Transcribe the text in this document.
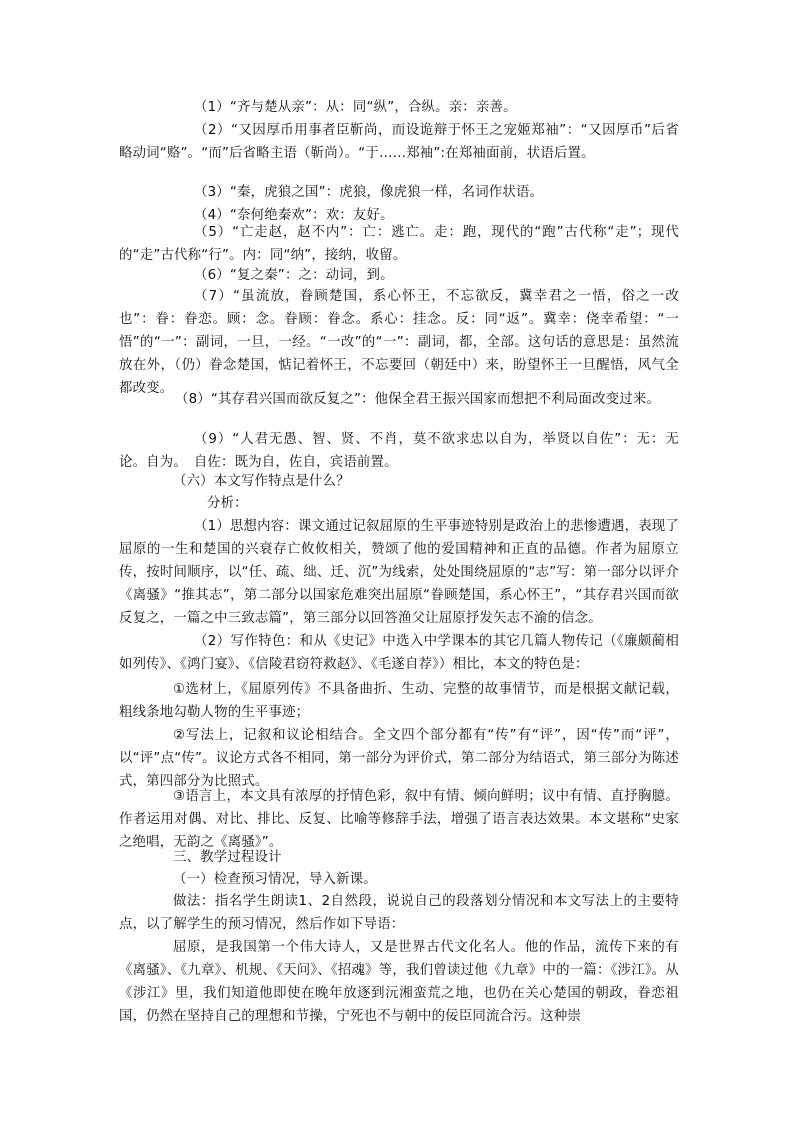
（1）“齐与楚从亲”：从：同“纵”，合纵。亲：亲善。

（2）“又因厚币用事者臣靳尚，而设诡辩于怀王之宠姬郑袖”：“又因厚币”后省略动词“赂”。“而”后省略主语（靳尚）。“于……郑袖”:在郑袖面前，状语后置。

（3）“秦，虎狼之国”：虎狼，像虎狼一样，名词作状语。

（4）“奈何绝秦欢”：欢：友好。

（5）“亡走赵，赵不内”：亡：逃亡。走：跑，现代的“跑”古代称“走”；现代的“走”古代称“行”。内：同“纳”，接纳，收留。

（6）“复之秦”：之：动词，到。

（7）“虽流放，眷顾楚国，系心怀王，不忘欲反，冀幸君之一悟，俗之一改也”：眷：眷恋。顾：念。眷顾：眷念。系心：挂念。反：同“返”。冀幸：侥幸希望：“一悟”的“一”：副词，一旦，一经。“一改”的“一”：副词，都，全部。这句话的意思是：虽然流放在外，（仍）眷念楚国，惦记着怀王，不忘要回（朝廷中）来，盼望怀王一旦醒悟，风气全都改变。

（8）“其存君兴国而欲反复之”：他保全君王振兴国家而想把不利局面改变过来。

（9）“人君无愚、智、贤、不肖，莫不欲求忠以自为，举贤以自佐”：无：无论。自为。　自佐：既为自，佐自，宾语前置。

（六）本文写作特点是什么？

分析：

（1）思想内容：课文通过记叙屈原的生平事迹特别是政治上的悲惨遭遇，表现了屈原的一生和楚国的兴衰存亡攸攸相关，赞颂了他的爱国精神和正直的品德。作者为屈原立传，按时间顺序，以“任、疏、绌、迁、沉”为线索，处处围绕屈原的“志”写：第一部分以评介《离骚》“推其志”，第二部分以国家危难突出屈原“眷顾楚国，系心怀王”，“其存君兴国而欲反复之，一篇之中三致志篇”，第三部分以回答渔父让屈原抒发矢志不渝的信念。

（2）写作特色：和从《史记》中选入中学课本的其它几篇人物传记（《廉颇蔺相如列传》、《鸿门宴》、《信陵君窃符救赵》、《毛遂自荐》）相比，本文的特色是：

①选材上，《屈原列传》不具备曲折、生动、完整的故事情节，而是根据文献记载，粗线条地勾勒人物的生平事迹；

②写法上，记叙和议论相结合。全文四个部分都有“传”有“评”，因“传”而“评”，以“评”点“传”。议论方式各不相同，第一部分为评价式，第二部分为结语式，第三部分为陈述式，第四部分为比照式。

③语言上，本文具有浓厚的抒情色彩，叙中有情、倾向鲜明；议中有情、直抒胸臆。作者运用对偶、对比、排比、反复、比喻等修辞手法，增强了语言表达效果。本文堪称“史家之绝唱，无韵之《离骚》”。

三、教学过程设计

（一）检查预习情况，导入新课。

做法：指名学生朗读1、2自然段，说说自己的段落划分情况和本文写法上的主要特点，以了解学生的预习情况，然后作如下导语：

屈原，是我国第一个伟大诗人，又是世界古代文化名人。他的作品，流传下来的有《离骚》、《九章》、机规、《天问》、《招魂》等，我们曾读过他《九章》中的一篇：《涉江》。从《涉江》里，我们知道他即使在晚年放逐到沅湘蛮荒之地，也仍在关心楚国的朝政，眷恋祖国，仍然在坚持自己的理想和节操，宁死也不与朝中的佞臣同流合污。这种崇
